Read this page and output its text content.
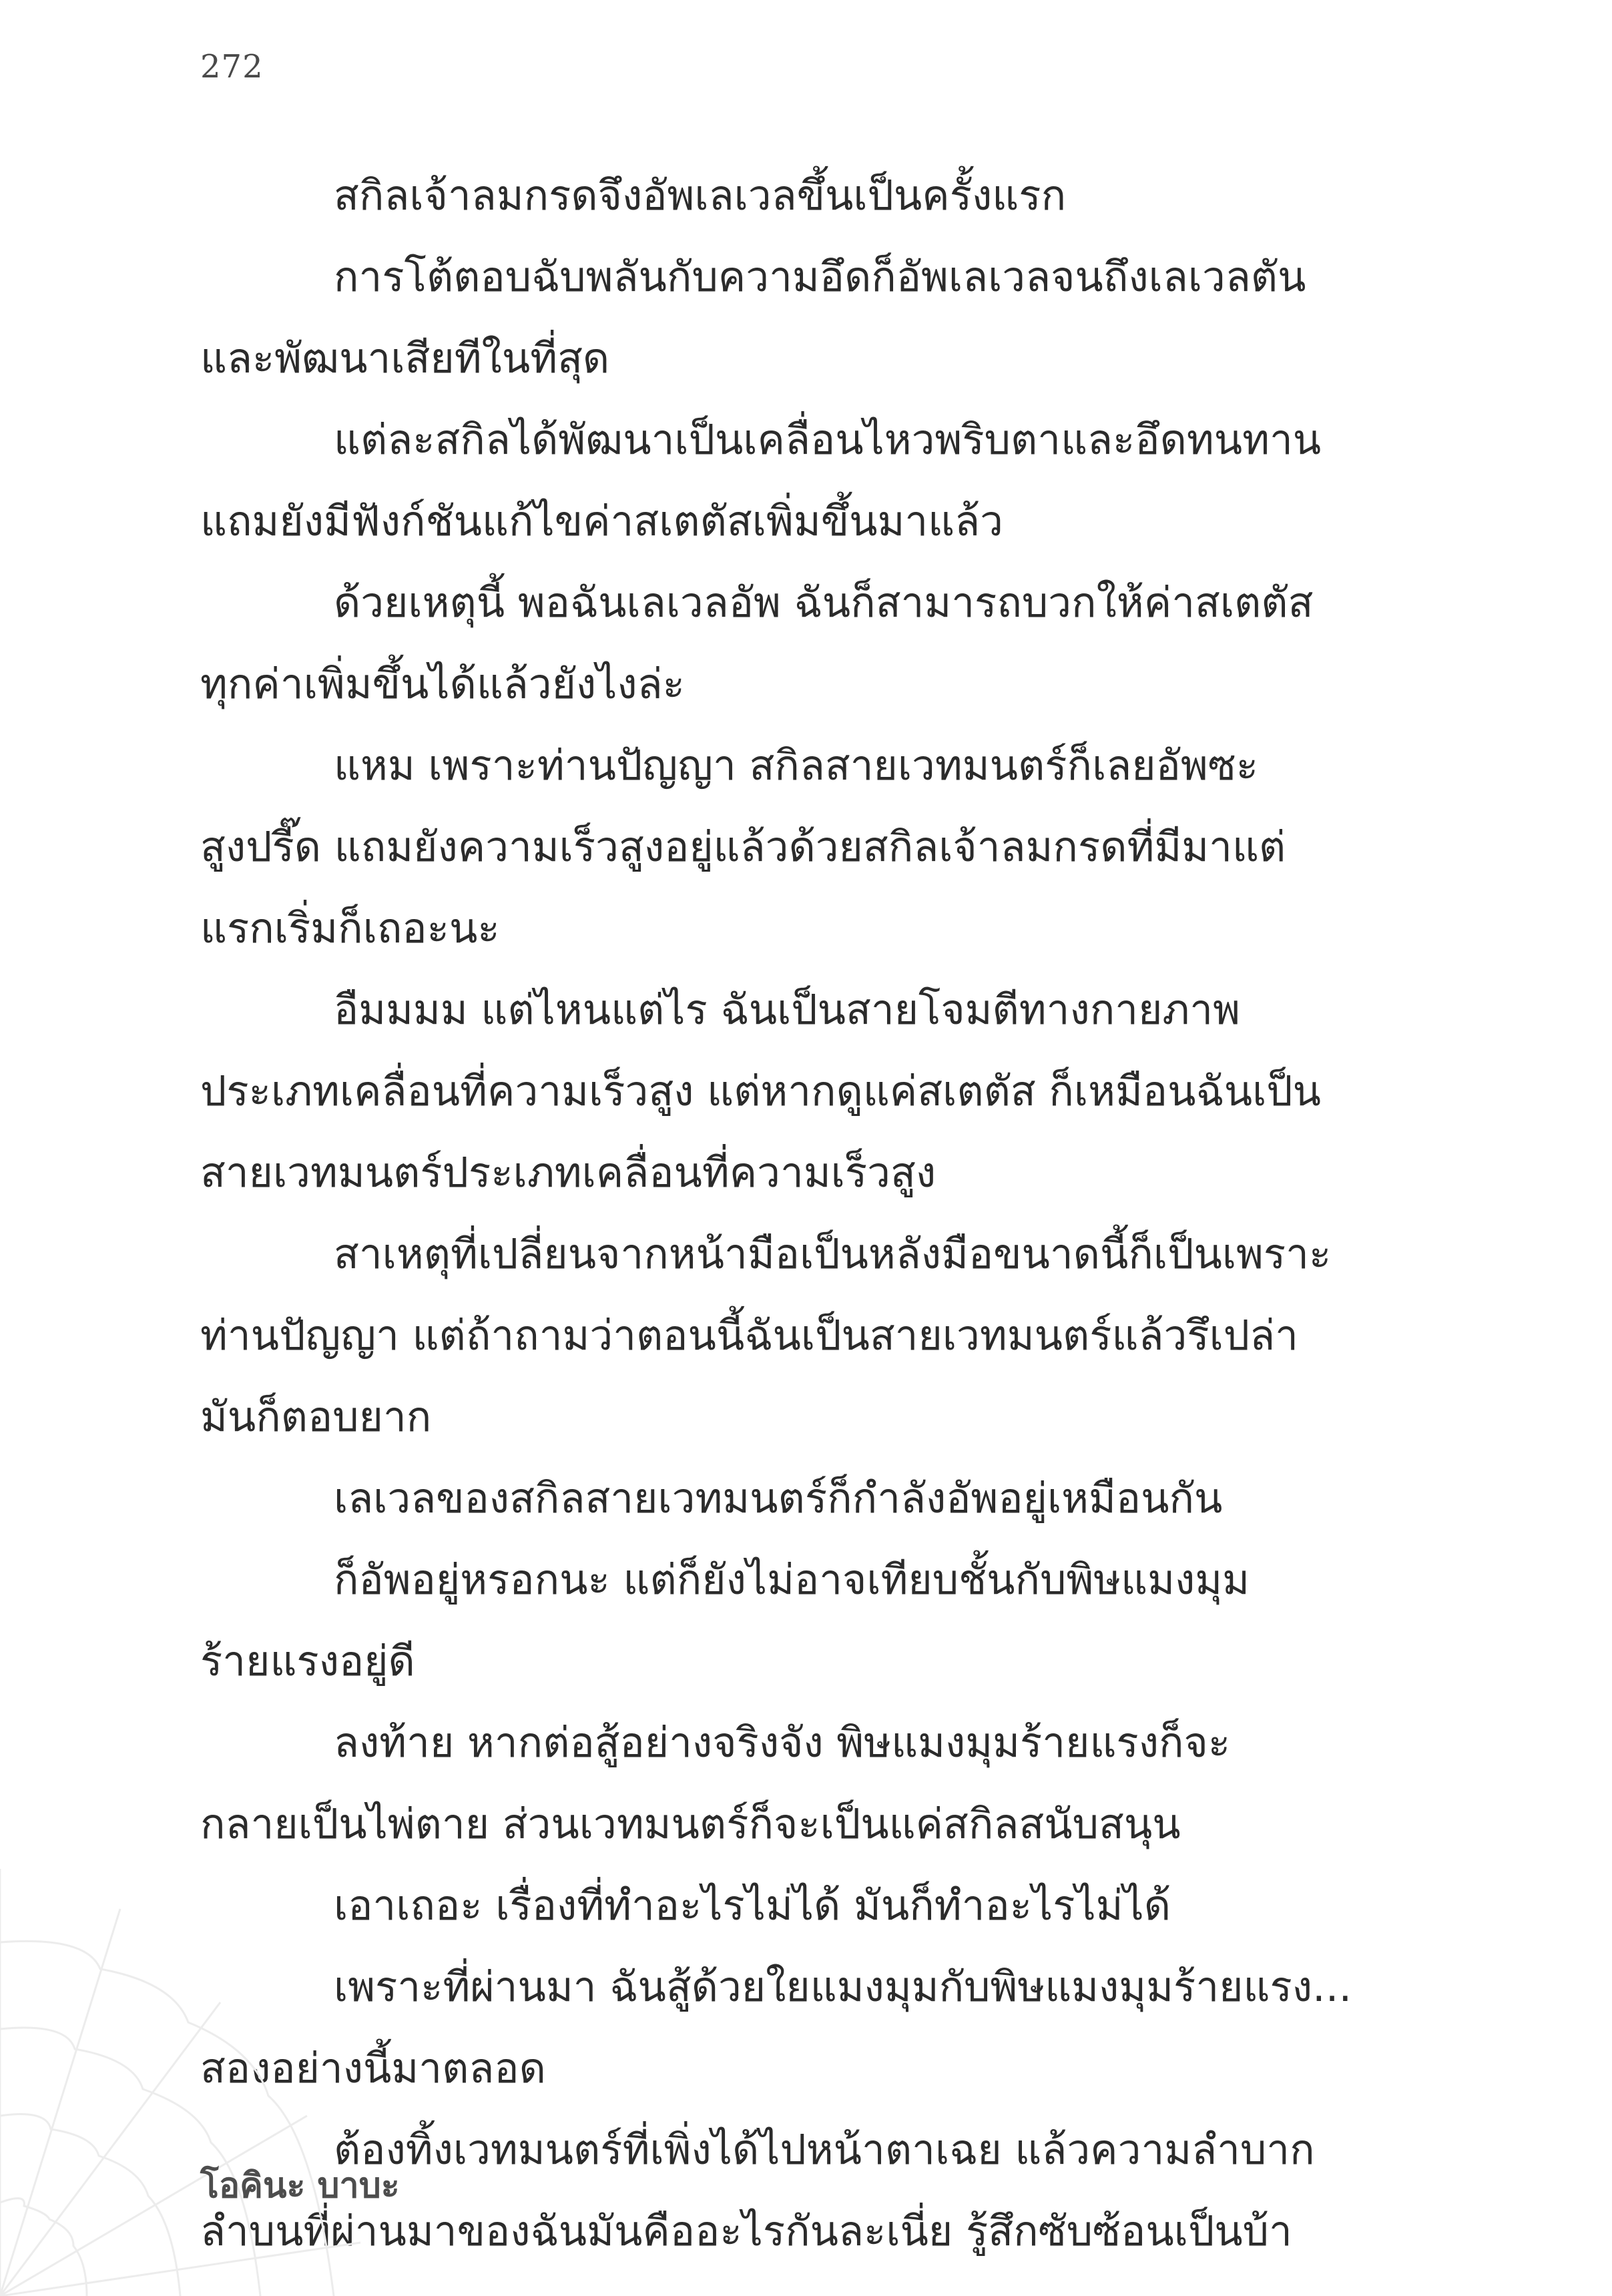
272
สกิลเจ้าลมกรดจึงอัพเลเวลขึ้นเป็นครั้งแรก
การโต้ตอบฉับพลันกับความอึดก็อัพเลเวลจนถึงเลเวลตัน
และพัฒนาเสียทีในที่สุด
แต่ละสกิลได้พัฒนาเป็นเคลื่อนไหวพริบตาและอึดทนทาน
แถมยังมีฟังก์ชันแก้ไขค่าสเตตัสเพิ่มขึ้นมาแล้ว
ด้วยเหตุนี้ พอฉันเลเวลอัพ ฉันก็สามารถบวกให้ค่าสเตตัส
ทุกค่าเพิ่มขึ้นได้แล้วยังไงล่ะ
แหม เพราะท่านปัญญา สกิลสายเวทมนตร์ก็เลยอัพซะ
สูงปรี๊ด แถมยังความเร็วสูงอยู่แล้วด้วยสกิลเจ้าลมกรดที่มีมาแต่
แรกเริ่มก็เถอะนะ
อืมมมม แต่ไหนแต่ไร ฉันเป็นสายโจมตีทางกายภาพ
ประเภทเคลื่อนที่ความเร็วสูง แต่หากดูแค่สเตตัส ก็เหมือนฉันเป็น
สายเวทมนตร์ประเภทเคลื่อนที่ความเร็วสูง
สาเหตุที่เปลี่ยนจากหน้ามือเป็นหลังมือขนาดนี้ก็เป็นเพราะ
ท่านปัญญา แต่ถ้าถามว่าตอนนี้ฉันเป็นสายเวทมนตร์แล้วรึเปล่า
มันก็ตอบยาก
เลเวลของสกิลสายเวทมนตร์ก็กำลังอัพอยู่เหมือนกัน
ก็อัพอยู่หรอกนะ แต่ก็ยังไม่อาจเทียบชั้นกับพิษแมงมุม
ร้ายแรงอยู่ดี
ลงท้าย หากต่อสู้อย่างจริงจัง พิษแมงมุมร้ายแรงก็จะ
กลายเป็นไพ่ตาย ส่วนเวทมนตร์ก็จะเป็นแค่สกิลสนับสนุน
เอาเถอะ เรื่องที่ทำอะไรไม่ได้ มันก็ทำอะไรไม่ได้
เพราะที่ผ่านมา ฉันสู้ด้วยใยแมงมุมกับพิษแมงมุมร้ายแรง...
สองอย่างนี้มาตลอด
ต้องทิ้งเวทมนตร์ที่เพิ่งได้ไปหน้าตาเฉย แล้วความลำบาก
ลำบนที่ผ่านมาของฉันมันคืออะไรกันละเนี่ย รู้สึกซับซ้อนเป็นบ้า
โอคินะ บาบะ
